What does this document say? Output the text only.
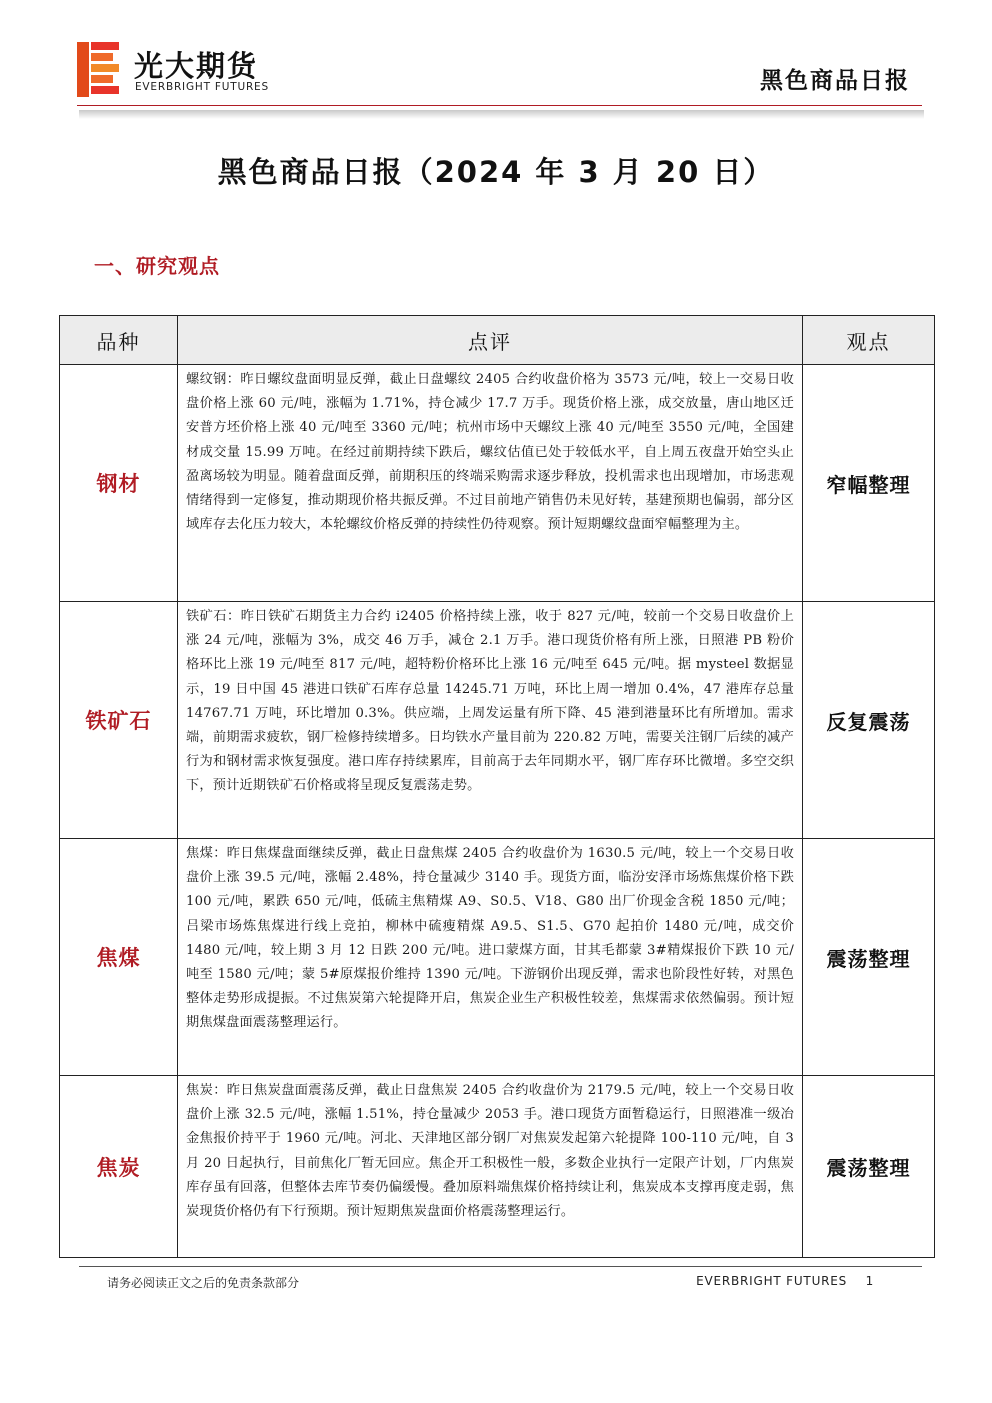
光大期货
EVERBRIGHT FUTURES	黑色商品日报
黑色商品日报（2024 年 3 月 20 日）
一、研究观点
品种	点评	观点
钢材	螺纹钢：昨日螺纹盘面明显反弹，截止日盘螺纹 2405 合约收盘价格为 3573 元/吨，较上一交易日收盘价格上涨 60 元/吨，涨幅为 1.71%，持仓减少 17.7 万手。现货价格上涨，成交放量，唐山地区迁安普方坯价格上涨 40 元/吨至 3360 元/吨；杭州市场中天螺纹上涨 40 元/吨至 3550 元/吨，全国建材成交量 15.99 万吨。在经过前期持续下跌后，螺纹估值已处于较低水平，自上周五夜盘开始空头止盈离场较为明显。随着盘面反弹，前期积压的终端采购需求逐步释放，投机需求也出现增加，市场悲观情绪得到一定修复，推动期现价格共振反弹。不过目前地产销售仍未见好转，基建预期也偏弱，部分区域库存去化压力较大，本轮螺纹价格反弹的持续性仍待观察。预计短期螺纹盘面窄幅整理为主。	窄幅整理
铁矿石	铁矿石：昨日铁矿石期货主力合约 i2405 价格持续上涨，收于 827 元/吨，较前一个交易日收盘价上涨 24 元/吨，涨幅为 3%，成交 46 万手，减仓 2.1 万手。港口现货价格有所上涨，日照港 PB 粉价格环比上涨 19 元/吨至 817 元/吨，超特粉价格环比上涨 16 元/吨至 645 元/吨。据 mysteel 数据显示，19 日中国 45 港进口铁矿石库存总量 14245.71 万吨，环比上周一增加 0.4%，47 港库存总量 14767.71 万吨，环比增加 0.3%。供应端，上周发运量有所下降、45 港到港量环比有所增加。需求端，前期需求疲软，钢厂检修持续增多。日均铁水产量目前为 220.82 万吨，需要关注钢厂后续的减产行为和钢材需求恢复强度。港口库存持续累库，目前高于去年同期水平，钢厂库存环比微增。多空交织下，预计近期铁矿石价格或将呈现反复震荡走势。	反复震荡
焦煤	焦煤：昨日焦煤盘面继续反弹，截止日盘焦煤 2405 合约收盘价为 1630.5 元/吨，较上一个交易日收盘价上涨 39.5 元/吨，涨幅 2.48%，持仓量减少 3140 手。现货方面，临汾安泽市场炼焦煤价格下跌 100 元/吨，累跌 650 元/吨，低硫主焦精煤 A9、S0.5、V18、G80 出厂价现金含税 1850 元/吨；吕梁市场炼焦煤进行线上竞拍，柳林中硫瘦精煤 A9.5、S1.5、G70 起拍价 1480 元/吨，成交价 1480 元/吨，较上期 3 月 12 日跌 200 元/吨。进口蒙煤方面，甘其毛都蒙 3#精煤报价下跌 10 元/吨至 1580 元/吨；蒙 5#原煤报价维持 1390 元/吨。下游钢价出现反弹，需求也阶段性好转，对黑色整体走势形成提振。不过焦炭第六轮提降开启，焦炭企业生产积极性较差，焦煤需求依然偏弱。预计短期焦煤盘面震荡整理运行。	震荡整理
焦炭	焦炭：昨日焦炭盘面震荡反弹，截止日盘焦炭 2405 合约收盘价为 2179.5 元/吨，较上一个交易日收盘价上涨 32.5 元/吨，涨幅 1.51%，持仓量减少 2053 手。港口现货方面暂稳运行，日照港准一级冶金焦报价持平于 1960 元/吨。河北、天津地区部分钢厂对焦炭发起第六轮提降 100-110 元/吨，自 3 月 20 日起执行，目前焦化厂暂无回应。焦企开工积极性一般，多数企业执行一定限产计划，厂内焦炭库存虽有回落，但整体去库节奏仍偏缓慢。叠加原料端焦煤价格持续让利，焦炭成本支撑再度走弱，焦炭现货价格仍有下行预期。预计短期焦炭盘面价格震荡整理运行。	震荡整理
请务必阅读正文之后的免责条款部分	EVERBRIGHT FUTURES 1
